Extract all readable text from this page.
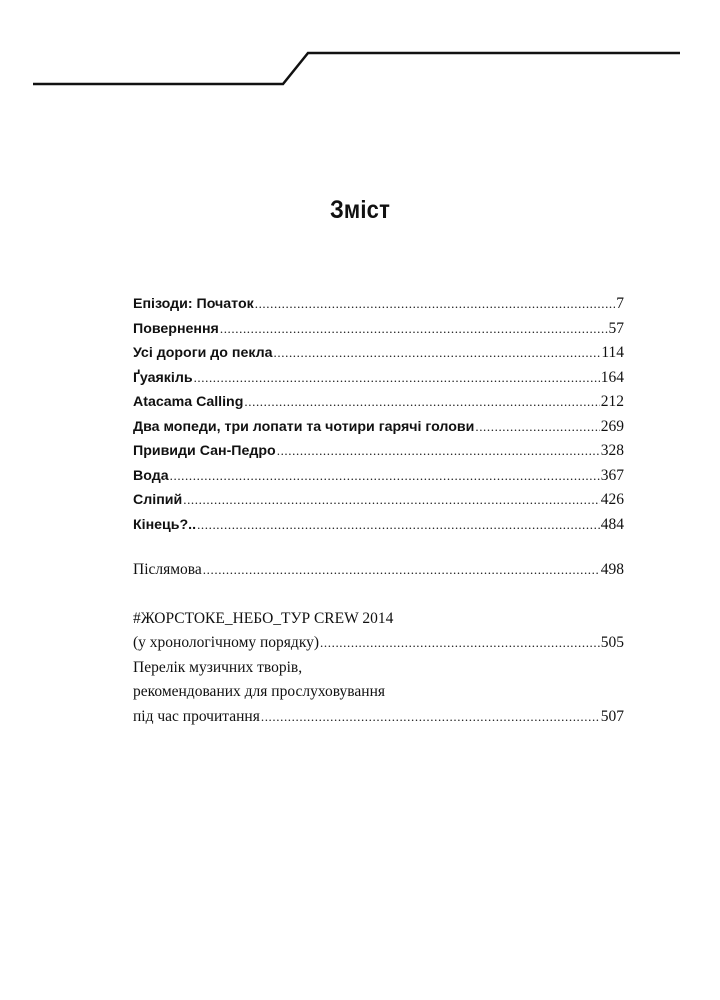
Зміст
Епізоди: Початок .....	7
Повернення .....	57
Усі дороги до пекла .....	114
Ґуаякіль .....	164
Atacama Calling .....	212
Два мопеди, три лопати та чотири гарячі голови .....	269
Привиди Сан-Педро .....	328
Вода .....	367
Сліпий .....	426
Кінець?.. .....	484
Післямова .....	498
#ЖОРСТОКЕ_НЕБО_ТУР CREW 2014
(у хронологічному порядку) .....	505
Перелік музичних творів,
рекомендованих для прослуховування
під час прочитання .....	507
